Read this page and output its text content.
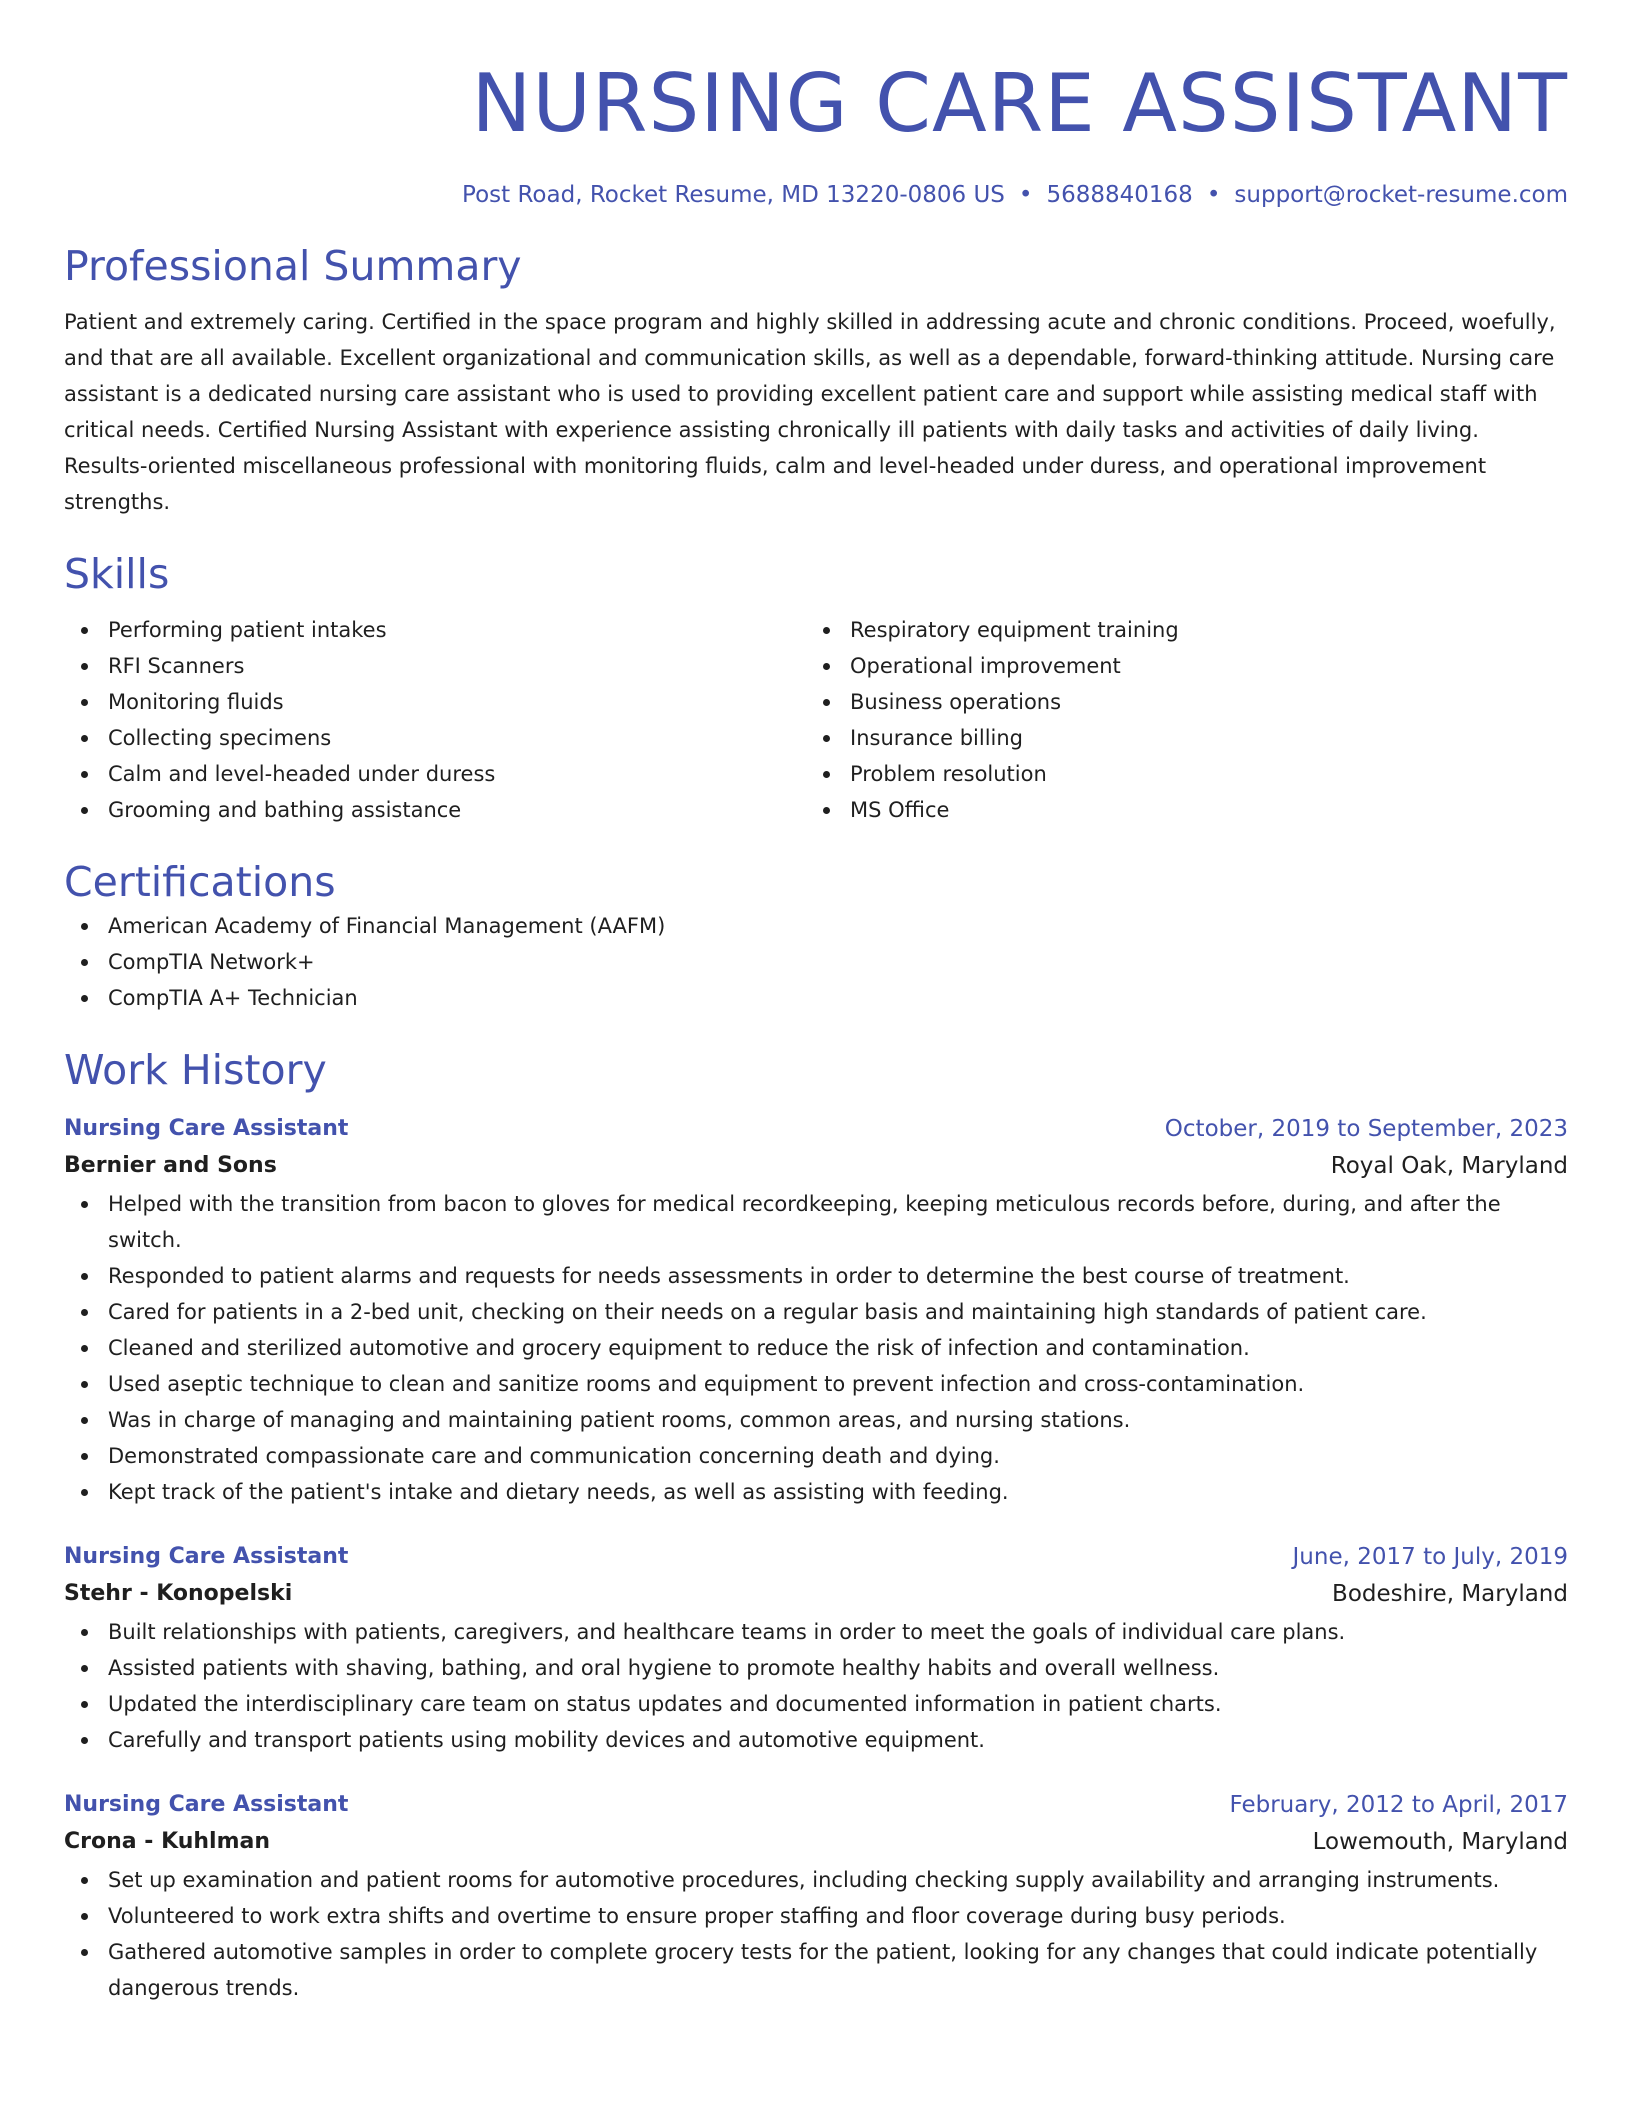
NURSING CARE ASSISTANT
Post Road, Rocket Resume, MD 13220-0806 US • 5688840168 • support@rocket-resume.com
Professional Summary
Patient and extremely caring. Certified in the space program and highly skilled in addressing acute and chronic conditions. Proceed, woefully, and that are all available. Excellent organizational and communication skills, as well as a dependable, forward-thinking attitude. Nursing care assistant is a dedicated nursing care assistant who is used to providing excellent patient care and support while assisting medical staff with critical needs. Certified Nursing Assistant with experience assisting chronically ill patients with daily tasks and activities of daily living. Results-oriented miscellaneous professional with monitoring fluids, calm and level-headed under duress, and operational improvement strengths.
Skills
Performing patient intakes
RFI Scanners
Monitoring fluids
Collecting specimens
Calm and level-headed under duress
Grooming and bathing assistance
Respiratory equipment training
Operational improvement
Business operations
Insurance billing
Problem resolution
MS Office
Certifications
American Academy of Financial Management (AAFM)
CompTIA Network+
CompTIA A+ Technician
Work History
Nursing Care Assistant	October, 2019 to September, 2023
Bernier and Sons	Royal Oak, Maryland
Helped with the transition from bacon to gloves for medical recordkeeping, keeping meticulous records before, during, and after the switch.
Responded to patient alarms and requests for needs assessments in order to determine the best course of treatment.
Cared for patients in a 2-bed unit, checking on their needs on a regular basis and maintaining high standards of patient care.
Cleaned and sterilized automotive and grocery equipment to reduce the risk of infection and contamination.
Used aseptic technique to clean and sanitize rooms and equipment to prevent infection and cross-contamination.
Was in charge of managing and maintaining patient rooms, common areas, and nursing stations.
Demonstrated compassionate care and communication concerning death and dying.
Kept track of the patient's intake and dietary needs, as well as assisting with feeding.
Nursing Care Assistant	June, 2017 to July, 2019
Stehr - Konopelski	Bodeshire, Maryland
Built relationships with patients, caregivers, and healthcare teams in order to meet the goals of individual care plans.
Assisted patients with shaving, bathing, and oral hygiene to promote healthy habits and overall wellness.
Updated the interdisciplinary care team on status updates and documented information in patient charts.
Carefully and transport patients using mobility devices and automotive equipment.
Nursing Care Assistant	February, 2012 to April, 2017
Crona - Kuhlman	Lowemouth, Maryland
Set up examination and patient rooms for automotive procedures, including checking supply availability and arranging instruments.
Volunteered to work extra shifts and overtime to ensure proper staffing and floor coverage during busy periods.
Gathered automotive samples in order to complete grocery tests for the patient, looking for any changes that could indicate potentially dangerous trends.
